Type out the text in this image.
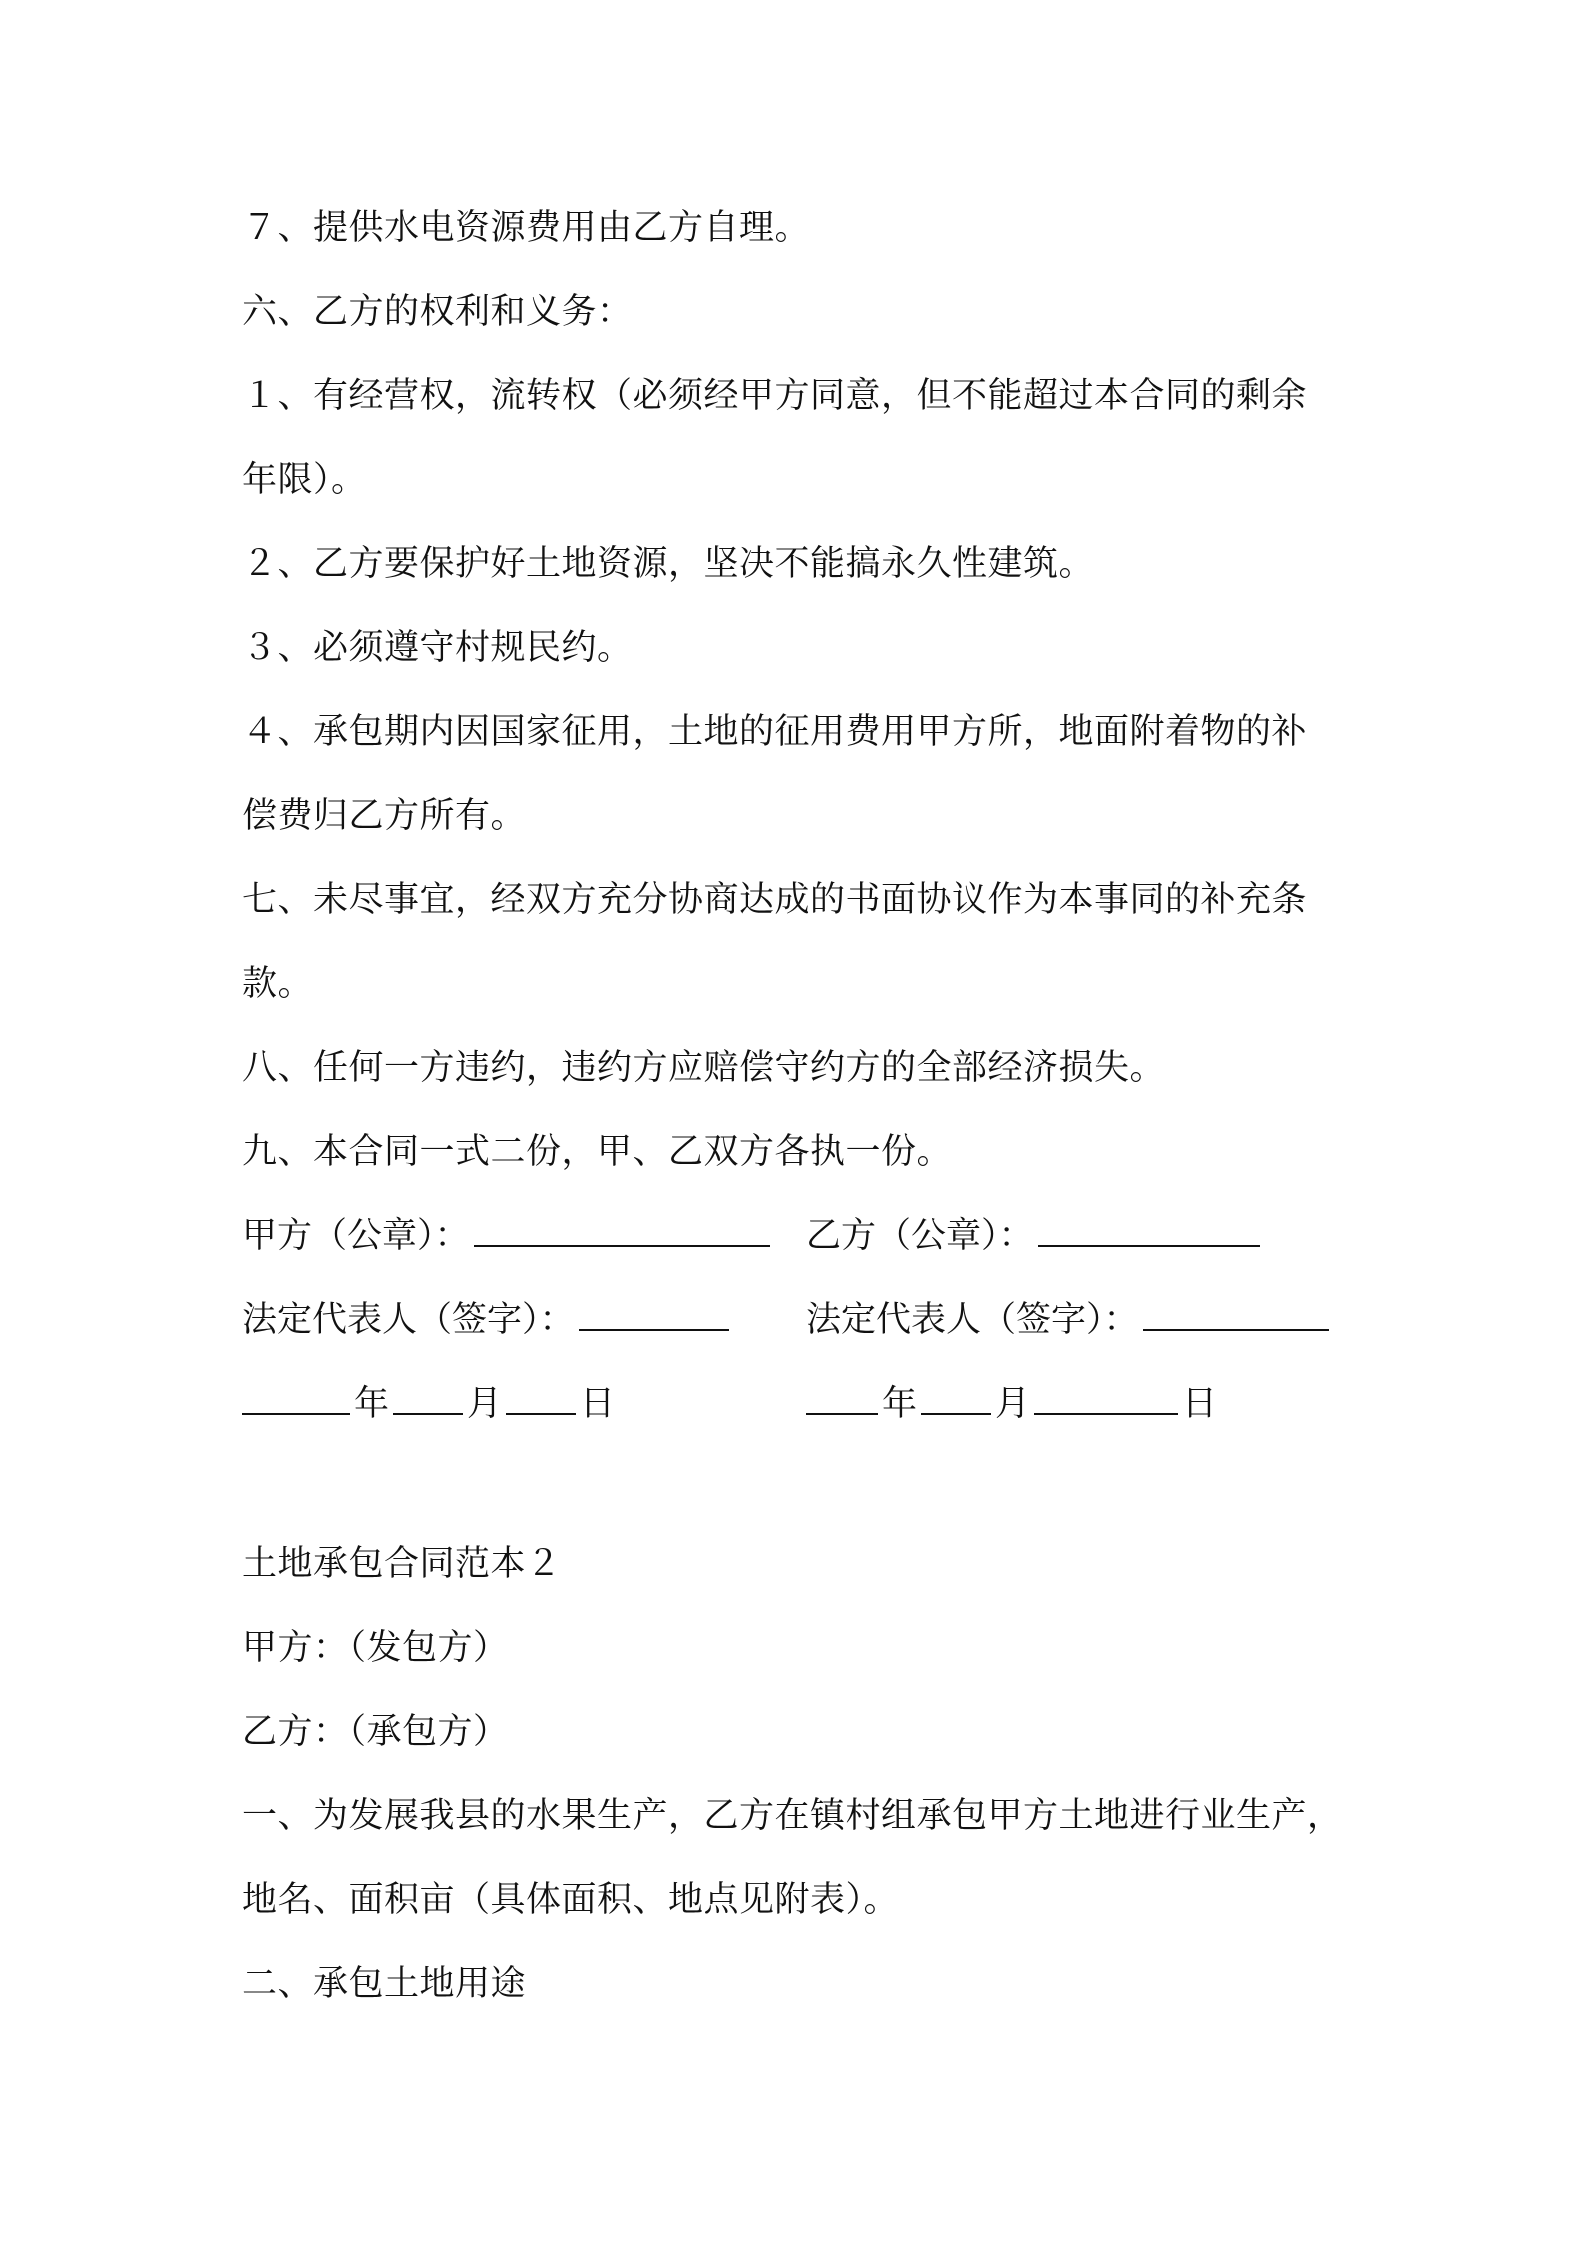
７、提供水电资源费用由乙方自理。
六、乙方的权利和义务：
１、有经营权，流转权（必须经甲方同意，但不能超过本合同的剩余
年限）。
２、乙方要保护好土地资源，坚决不能搞永久性建筑。
３、必须遵守村规民约。
４、承包期内因国家征用，土地的征用费用甲方所，地面附着物的补
偿费归乙方所有。
七、未尽事宜，经双方充分协商达成的书面协议作为本事同的补充条
款。
八、任何一方违约，违约方应赔偿守约方的全部经济损失。
九、本合同一式二份，甲、乙双方各执一份。
甲方（公章）：	乙方（公章）：
法定代表人（签字）：	法定代表人（签字）：
年 月 日	年 月	日
土地承包合同范本２
甲方：（发包方）
乙方：（承包方）
一、为发展我县的水果生产，乙方在镇村组承包甲方土地进行业生产，
地名、面积亩（具体面积、地点见附表）。
二、承包土地用途
